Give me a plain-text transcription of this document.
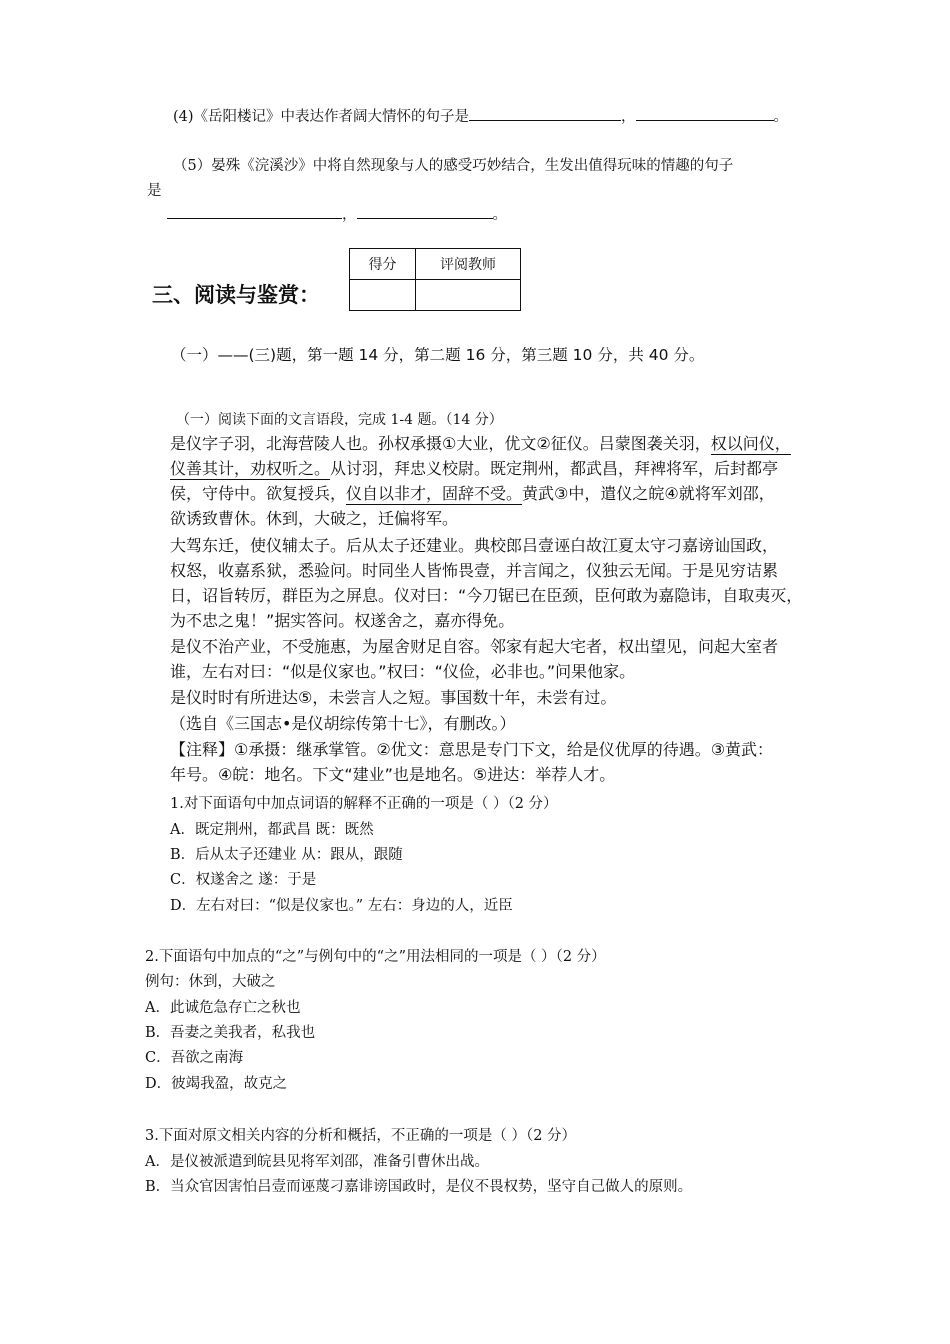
(4)《岳阳楼记》中表达作者阔大情怀的句子是	，	。
（5）晏殊《浣溪沙》中将自然现象与人的感受巧妙结合，生发出值得玩味的情趣的句子
是
，	。
三、阅读与鉴赏：
得分	评阅教师

（一）——(三)题，第一题 14 分，第二题 16 分，第三题 10 分，共 40 分。
（一）阅读下面的文言语段，完成 1-4 题。（14 分）
是仪字子羽，北海营陵人也。孙权承摄①大业，优文②征仪。吕蒙图袭关羽，权以问仪，
仪善其计，劝权听之。从讨羽，拜忠义校尉。既定荆州，都武昌，拜裨将军，后封都亭
侯，守侍中。欲复授兵，仪自以非才，固辞不受。黄武③中，遣仪之皖④就将军刘邵，
欲诱致曹休。休到，大破之，迁偏将军。
大驾东迁，使仪辅太子。后从太子还建业。典校郎吕壹诬白故江夏太守刁嘉谤讪国政，
权怒，收嘉系狱，悉验问。时同坐人皆怖畏壹，并言闻之，仪独云无闻。于是见穷诘累
日，诏旨转厉，群臣为之屏息。仪对曰：“今刀锯已在臣颈，臣何敢为嘉隐讳，自取夷灭，
为不忠之鬼！”据实答问。权遂舍之，嘉亦得免。
是仪不治产业，不受施惠，为屋舍财足自容。邻家有起大宅者，权出望见，问起大室者
谁，左右对曰：“似是仪家也。”权曰：“仪俭，必非也。”问果他家。
是仪时时有所进达⑤，未尝言人之短。事国数十年，未尝有过。
（选自《三国志•是仪胡综传第十七》，有删改。）
【注释】①承摄：继承掌管。②优文：意思是专门下文，给是仪优厚的待遇。③黄武：
年号。④皖：地名。下文“建业”也是地名。⑤进达：举荐人才。
1.对下面语句中加点词语的解释不正确的一项是（ ）（2 分）
A．既定荆州，都武昌 既：既然
B．后从太子还建业 从：跟从，跟随
C．权遂舍之 遂：于是
D．左右对曰：“似是仪家也。” 左右：身边的人，近臣
2.下面语句中加点的“之”与例句中的“之”用法相同的一项是（ ）（2 分）
例句：休到，大破之
A．此诚危急存亡之秋也
B．吾妻之美我者，私我也
C．吾欲之南海
D．彼竭我盈，故克之
3.下面对原文相关内容的分析和概括，不正确的一项是（ ）（2 分）
A．是仪被派遣到皖县见将军刘邵，准备引曹休出战。
B．当众官因害怕吕壹而诬蔑刁嘉诽谤国政时，是仪不畏权势，坚守自己做人的原则。
